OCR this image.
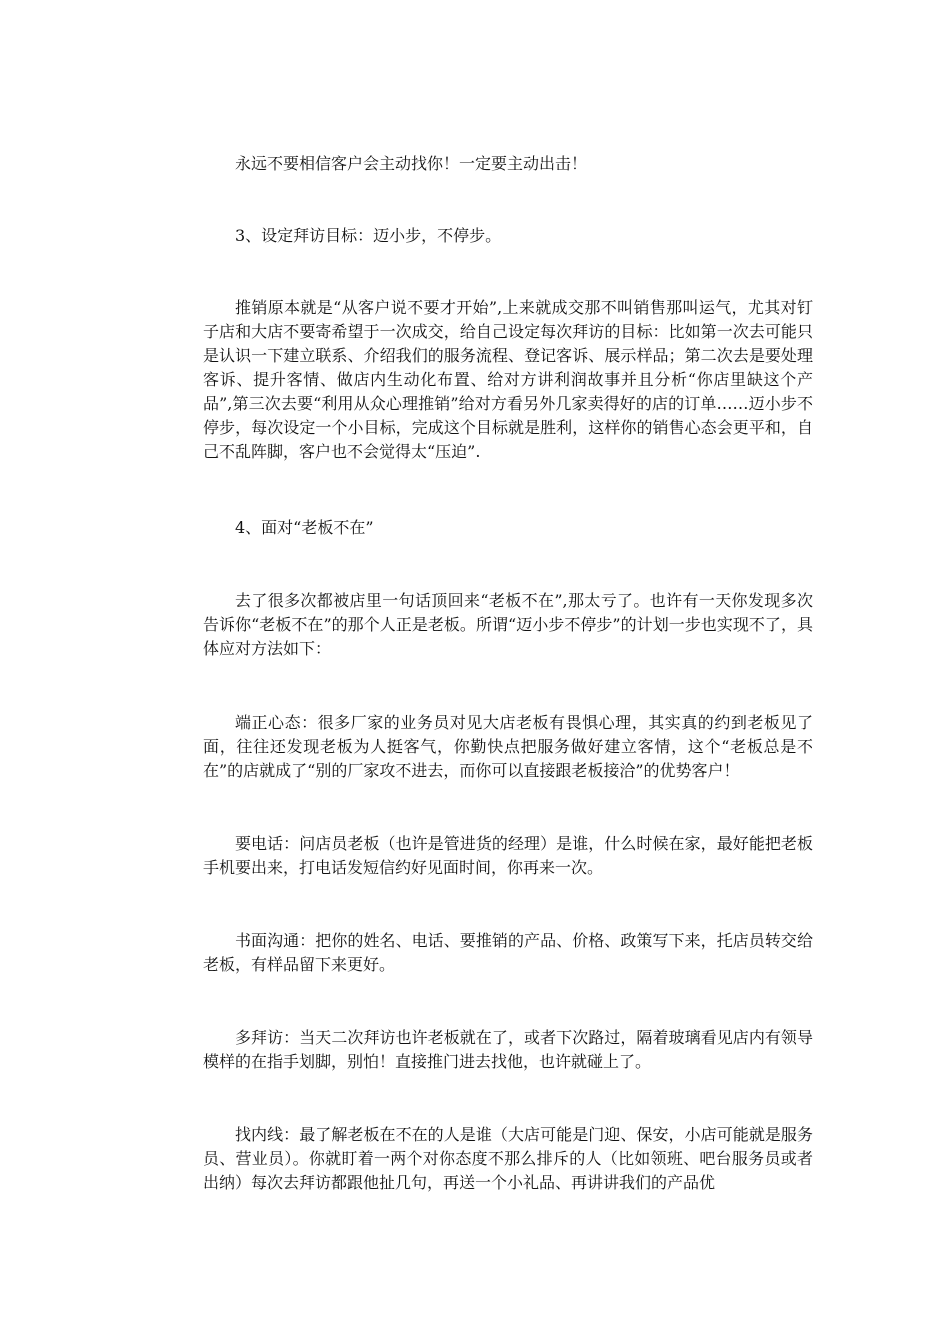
永远不要相信客户会主动找你！一定要主动出击！

3、设定拜访目标：迈小步，不停步。

推销原本就是“从客户说不要才开始”,上来就成交那不叫销售那叫运气，尤其对钉子店和大店不要寄希望于一次成交，给自己设定每次拜访的目标：比如第一次去可能只是认识一下建立联系、介绍我们的服务流程、登记客诉、展示样品；第二次去是要处理客诉、提升客情、做店内生动化布置、给对方讲利润故事并且分析“你店里缺这个产品”,第三次去要“利用从众心理推销”给对方看另外几家卖得好的店的订单……迈小步不停步，每次设定一个小目标，完成这个目标就是胜利，这样你的销售心态会更平和，自己不乱阵脚，客户也不会觉得太“压迫”.

4、面对“老板不在”

去了很多次都被店里一句话顶回来“老板不在”,那太亏了。也许有一天你发现多次告诉你“老板不在”的那个人正是老板。所谓“迈小步不停步”的计划一步也实现不了，具体应对方法如下：

端正心态：很多厂家的业务员对见大店老板有畏惧心理，其实真的约到老板见了面，往往还发现老板为人挺客气，你勤快点把服务做好建立客情，这个“老板总是不在”的店就成了“别的厂家攻不进去，而你可以直接跟老板接洽”的优势客户！

要电话：问店员老板（也许是管进货的经理）是谁，什么时候在家，最好能把老板手机要出来，打电话发短信约好见面时间，你再来一次。

书面沟通：把你的姓名、电话、要推销的产品、价格、政策写下来，托店员转交给老板，有样品留下来更好。

多拜访：当天二次拜访也许老板就在了，或者下次路过，隔着玻璃看见店内有领导模样的在指手划脚，别怕！直接推门进去找他，也许就碰上了。

找内线：最了解老板在不在的人是谁（大店可能是门迎、保安，小店可能就是服务员、营业员）。你就盯着一两个对你态度不那么排斥的人（比如领班、吧台服务员或者出纳）每次去拜访都跟他扯几句，再送一个小礼品、再讲讲我们的产品优
